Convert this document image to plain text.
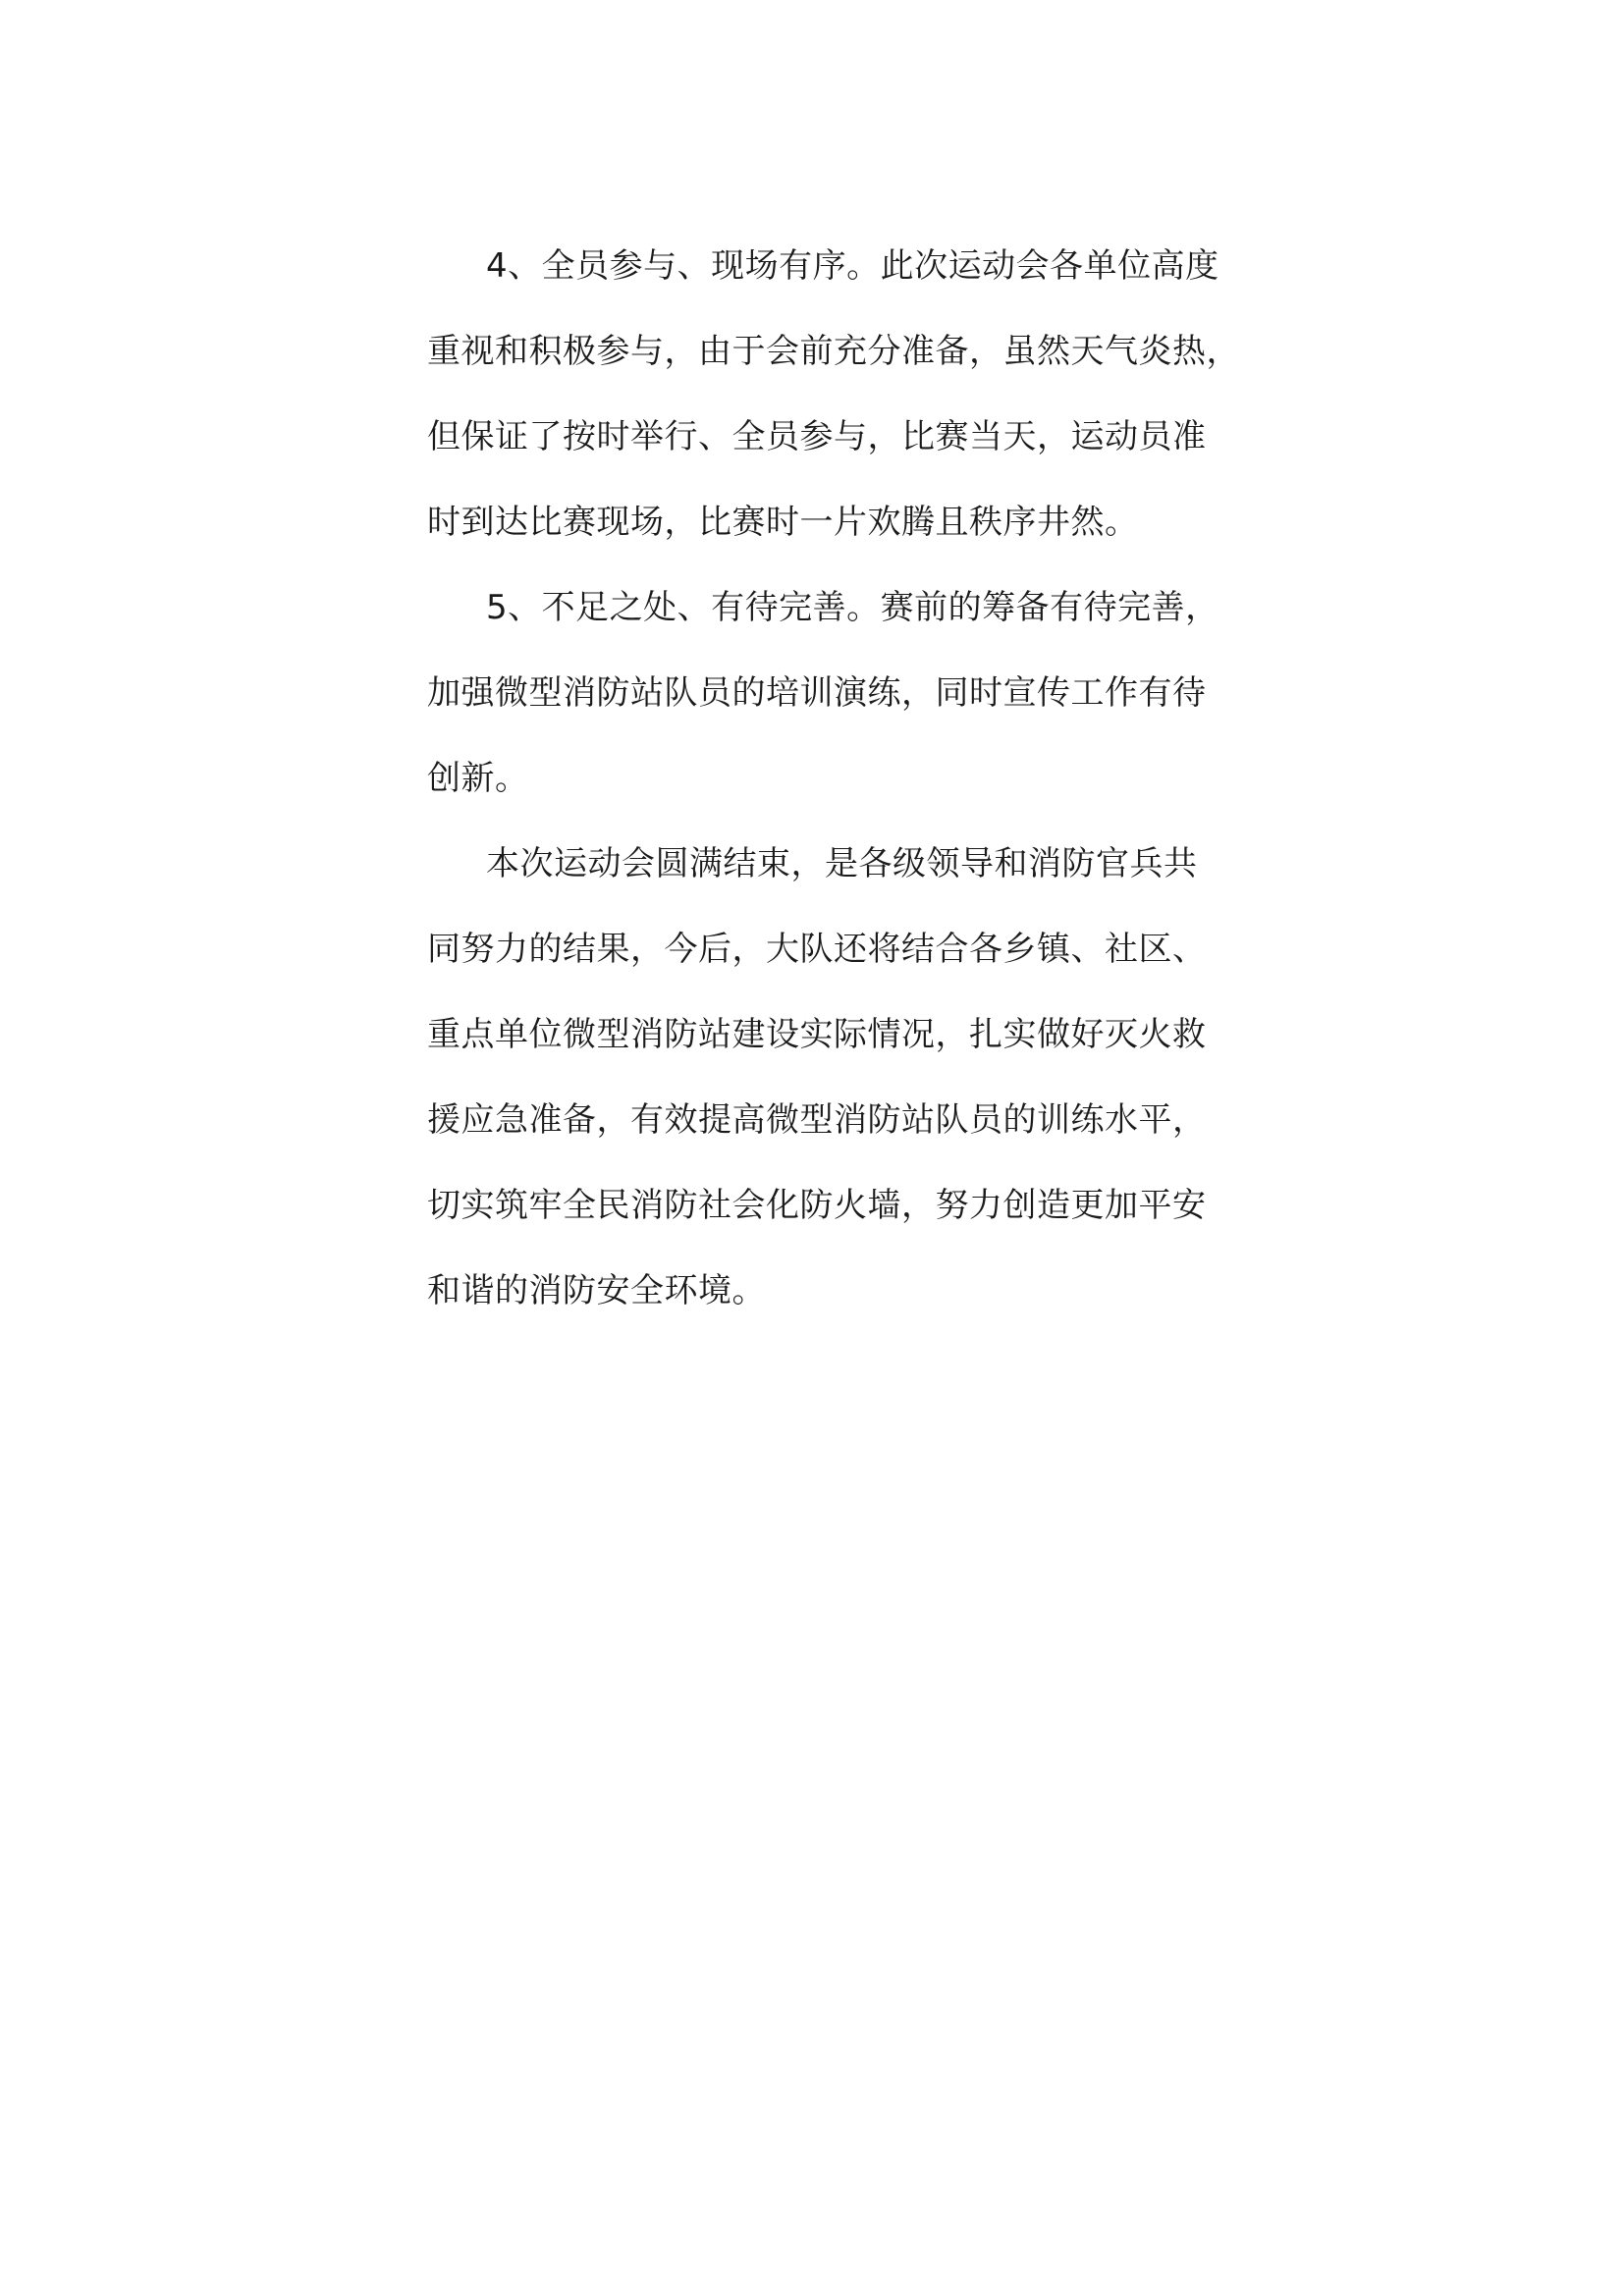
4、全员参与、现场有序。此次运动会各单位高度
重视和积极参与，由于会前充分准备，虽然天气炎热，
但保证了按时举行、全员参与，比赛当天，运动员准
时到达比赛现场，比赛时一片欢腾且秩序井然。

5、不足之处、有待完善。赛前的筹备有待完善，
加强微型消防站队员的培训演练，同时宣传工作有待
创新。

本次运动会圆满结束，是各级领导和消防官兵共
同努力的结果，今后，大队还将结合各乡镇、社区、
重点单位微型消防站建设实际情况，扎实做好灭火救
援应急准备，有效提高微型消防站队员的训练水平，
切实筑牢全民消防社会化防火墙，努力创造更加平安
和谐的消防安全环境。
